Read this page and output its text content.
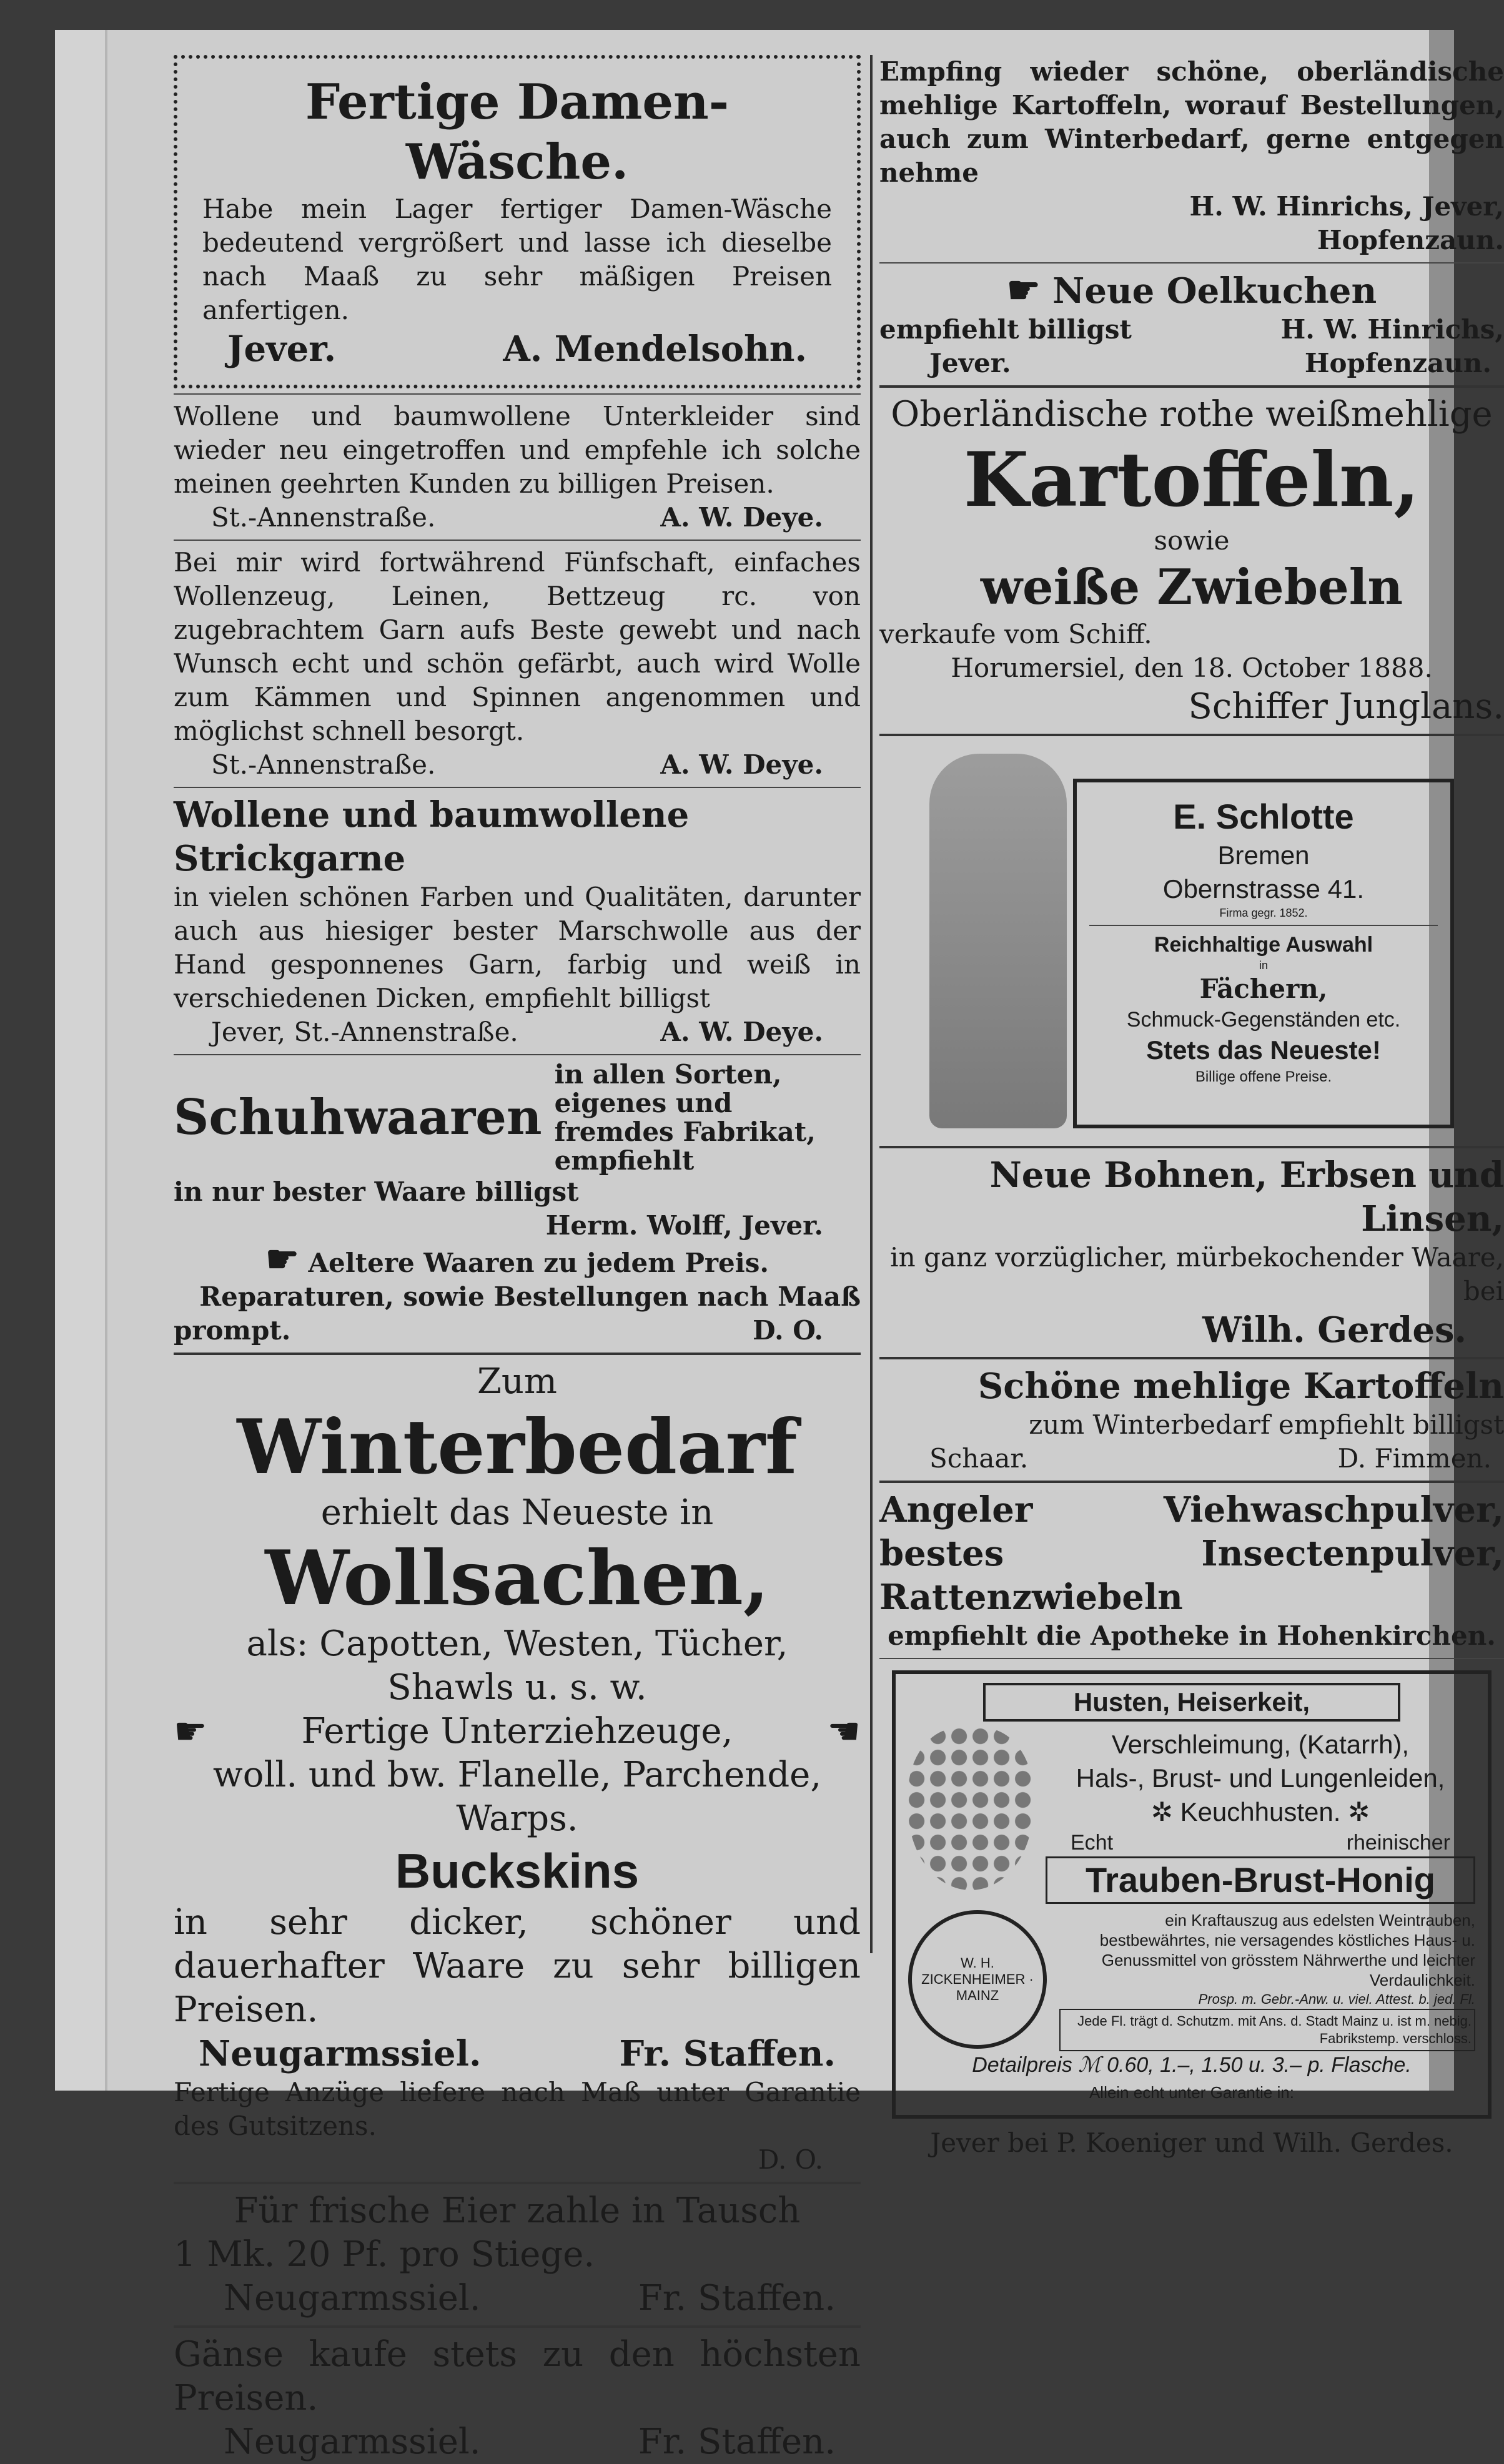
Fertige Damen-Wäsche.
Habe mein Lager fertiger Damen-Wäsche bedeutend vergrößert und lasse ich dieselbe nach Maaß zu sehr mäßigen Preisen anfertigen.
Jever.	A. Mendelsohn.
Wollene und baumwollene Unterkleider sind wieder neu eingetroffen und empfehle ich solche meinen geehrten Kunden zu billigen Preisen.
St.-Annenstraße.	A. W. Deye.
Bei mir wird fortwährend Fünfschaft, einfaches Wollenzeug, Leinen, Bettzeug rc. von zugebrachtem Garn aufs Beste gewebt und nach Wunsch echt und schön gefärbt, auch wird Wolle zum Kämmen und Spinnen angenommen und möglichst schnell besorgt.
St.-Annenstraße.	A. W. Deye.
Wollene und baumwollene Strickgarne
in vielen schönen Farben und Qualitäten, darunter auch aus hiesiger bester Marschwolle aus der Hand gesponnenes Garn, farbig und weiß in verschiedenen Dicken, empfiehlt billigst
Jever, St.-Annenstraße.	A. W. Deye.
Schuhwaaren
in allen Sorten, eigenes und fremdes Fabrikat, empfiehlt
in nur bester Waare billigst
Herm. Wolff, Jever.
☛ Aeltere Waaren zu jedem Preis.
Reparaturen, sowie Bestellungen nach Maaß
prompt.	D. O.
Zum
Winterbedarf
erhielt das Neueste in
Wollsachen,
als: Capotten, Westen, Tücher,
Shawls u. s. w.
☛	Fertige Unterziehzeuge,	☚
woll. und bw. Flanelle, Parchende,
Warps.
Buckskins
in sehr dicker, schöner und dauerhafter Waare zu sehr billigen Preisen.
Neugarmssiel.	Fr. Staffen.
Fertige Anzüge liefere nach Maß unter Garantie des Gutsitzens.
D. O.
Für frische Eier zahle in Tausch
1 Mk. 20 Pf. pro Stiege.
Neugarmssiel.	Fr. Staffen.
Gänse kaufe stets zu den höchsten Preisen.
Neugarmssiel.	Fr. Staffen.
Empfing wieder schöne, oberländische mehlige Kartoffeln, worauf Bestellungen, auch zum Winterbedarf, gerne entgegen nehme
H. W. Hinrichs, Jever,
Hopfenzaun.
☛ Neue Oelkuchen
empfiehlt billigst	H. W. Hinrichs,
Jever.	Hopfenzaun.
Oberländische rothe weißmehlige
Kartoffeln,
sowie
weiße Zwiebeln
verkaufe vom Schiff.
Horumersiel, den 18. October 1888.
Schiffer Junglans.
E. Schlotte
Bremen
Obernstrasse 41.
Firma gegr. 1852.
Reichhaltige Auswahl
in
Fächern,
Schmuck-Gegenständen etc.
Stets das Neueste!
Billige offene Preise.
Neue Bohnen, Erbsen und Linsen,
in ganz vorzüglicher, mürbekochender Waare, bei
Wilh. Gerdes.
Schöne mehlige Kartoffeln
zum Winterbedarf empfiehlt billigst
Schaar.	D. Fimmen.
Angeler Viehwaschpulver, bestes Insectenpulver, Rattenzwiebeln
empfiehlt die Apotheke in Hohenkirchen.
Husten, Heiserkeit,
Verschleimung, (Katarrh),
Hals-, Brust- und Lungenleiden,
✲ Keuchhusten. ✲
Echt	rheinischer
Trauben-Brust-Honig
W. H. ZICKENHEIMER · MAINZ
ein Kraftauszug aus edelsten Weintrauben, bestbewährtes, nie versagendes köstliches Haus- u. Genussmittel von grösstem Nährwerthe und leichter Verdaulichkeit.
Prosp. m. Gebr.-Anw. u. viel. Attest. b. jed. Fl.
Jede Fl. trägt d. Schutzm. mit Ans. d. Stadt Mainz u. ist m. nebig. Fabrikstemp. verschloss.
Detailpreis ℳ 0.60, 1.–, 1.50 u. 3.– p. Flasche.
Allein echt unter Garantie in:
Jever bei P. Koeniger und Wilh. Gerdes.
